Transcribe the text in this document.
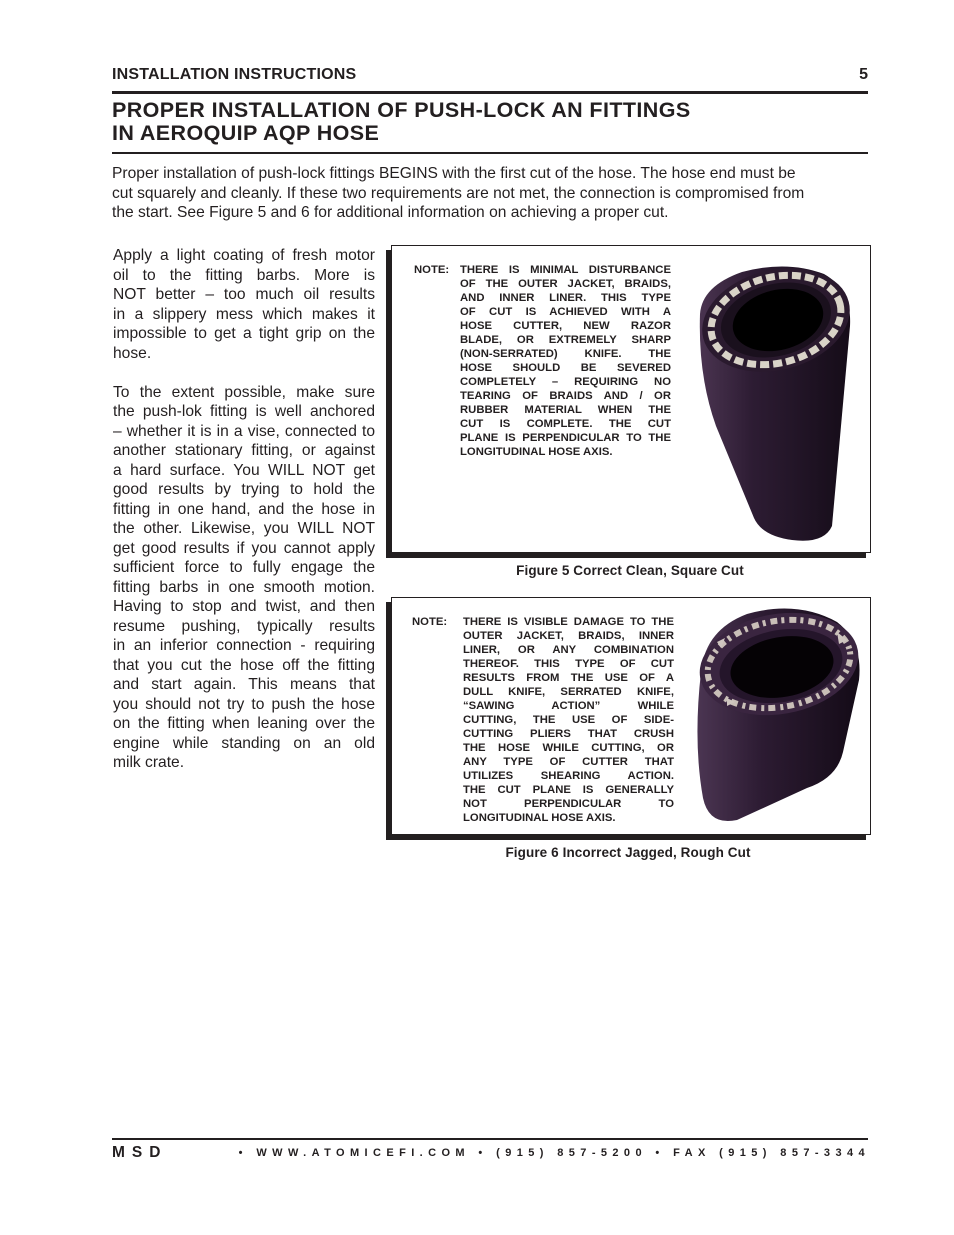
INSTALLATION INSTRUCTIONS	5
PROPER INSTALLATION OF PUSH-LOCK AN FITTINGS
IN AEROQUIP AQP HOSE
Proper installation of push-lock fittings BEGINS with the first cut of the hose. The hose end must be
cut squarely and cleanly. If these two requirements are not met, the connection is compromised from
the start. See Figure 5 and 6 for additional information on achieving a proper cut.
Apply a light coating of fresh motor
oil to the fitting barbs. More is
NOT better – too much oil results
in a slippery mess which makes it
impossible to get a tight grip on the
hose.
To the extent possible, make sure
the push-lok fitting is well anchored
– whether it is in a vise, connected to
another stationary fitting, or against
a hard surface. You WILL NOT get
good results by trying to hold the
fitting in one hand, and the hose in
the other. Likewise, you WILL NOT
get good results if you cannot apply
sufficient force to fully engage the
fitting barbs in one smooth motion.
Having to stop and twist, and then
resume pushing, typically results
in an inferior connection - requiring
that you cut the hose off the fitting
and start again. This means that
you should not try to push the hose
on the fitting when leaning over the
engine while standing on an old
milk crate.
NOTE: THERE IS MINIMAL DISTURBANCE
OF THE OUTER JACKET, BRAIDS,
AND INNER LINER. THIS TYPE
OF CUT IS ACHIEVED WITH A
HOSE CUTTER, NEW RAZOR
BLADE, OR EXTREMELY SHARP
(NON-SERRATED) KNIFE. THE
HOSE SHOULD BE SEVERED
COMPLETELY – REQUIRING NO
TEARING OF BRAIDS AND / OR
RUBBER MATERIAL WHEN THE
CUT IS COMPLETE. THE CUT
PLANE IS PERPENDICULAR TO THE
LONGITUDINAL HOSE AXIS.
Figure 5 Correct Clean, Square Cut
NOTE: THERE IS VISIBLE DAMAGE TO THE
OUTER JACKET, BRAIDS, INNER
LINER, OR ANY COMBINATION
THEREOF. THIS TYPE OF CUT
RESULTS FROM THE USE OF A
DULL KNIFE, SERRATED KNIFE,
“SAWING ACTION” WHILE
CUTTING, THE USE OF SIDE-
CUTTING PLIERS THAT CRUSH
THE HOSE WHILE CUTTING, OR
ANY TYPE OF CUTTER THAT
UTILIZES SHEARING ACTION.
THE CUT PLANE IS GENERALLY
NOT PERPENDICULAR TO
LONGITUDINAL HOSE AXIS.
Figure 6 Incorrect Jagged, Rough Cut
MSD	• WWW.ATOMICEFI.COM • (915) 857-5200 • FAX (915) 857-3344
